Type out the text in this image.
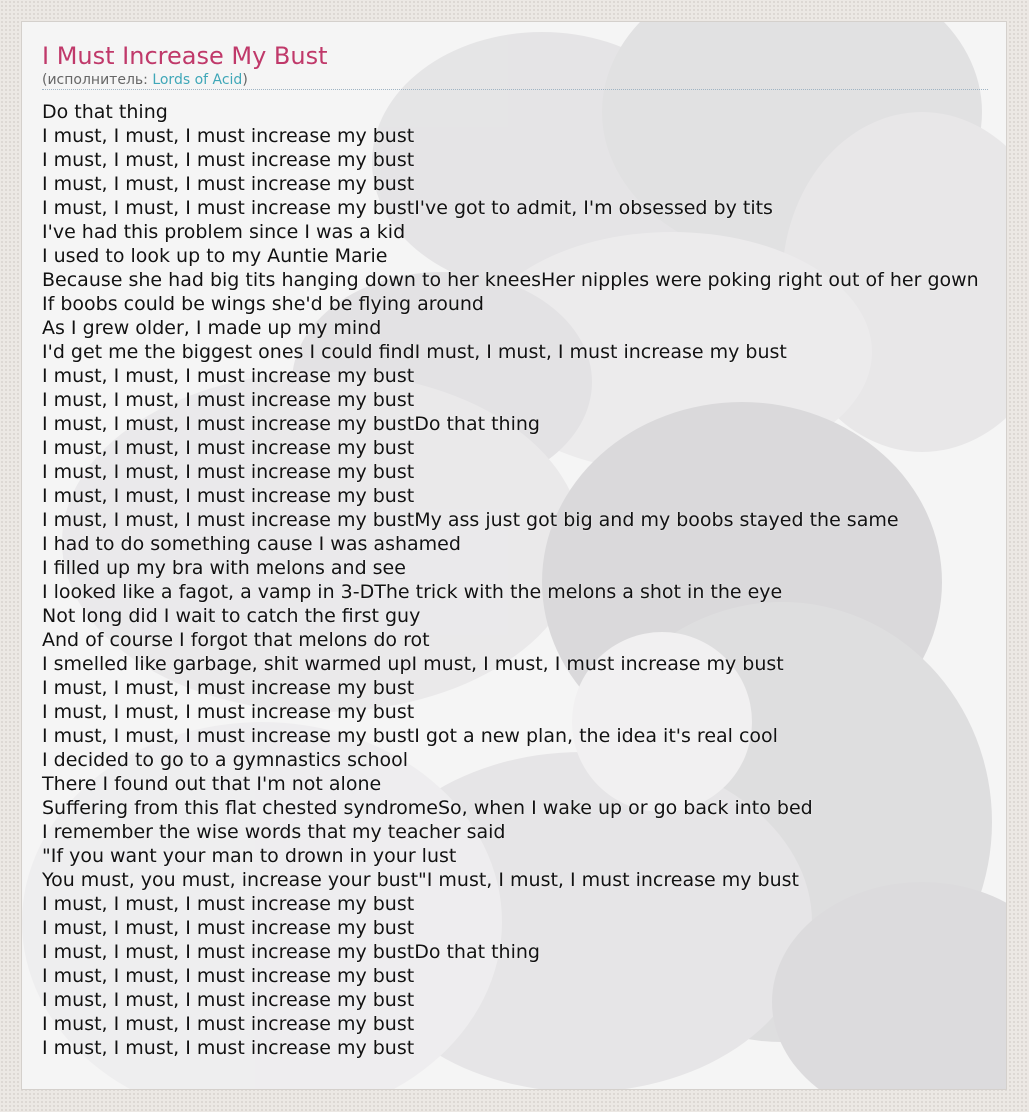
I Must Increase My Bust
(исполнитель: Lords of Acid)
Do that thing
I must, I must, I must increase my bust
I must, I must, I must increase my bust
I must, I must, I must increase my bust
I must, I must, I must increase my bustI've got to admit, I'm obsessed by tits
I've had this problem since I was a kid
I used to look up to my Auntie Marie
Because she had big tits hanging down to her kneesHer nipples were poking right out of her gown
If boobs could be wings she'd be flying around
As I grew older, I made up my mind
I'd get me the biggest ones I could findI must, I must, I must increase my bust
I must, I must, I must increase my bust
I must, I must, I must increase my bust
I must, I must, I must increase my bustDo that thing
I must, I must, I must increase my bust
I must, I must, I must increase my bust
I must, I must, I must increase my bust
I must, I must, I must increase my bustMy ass just got big and my boobs stayed the same
I had to do something cause I was ashamed
I filled up my bra with melons and see
I looked like a fagot, a vamp in 3-DThe trick with the melons a shot in the eye
Not long did I wait to catch the first guy
And of course I forgot that melons do rot
I smelled like garbage, shit warmed upI must, I must, I must increase my bust
I must, I must, I must increase my bust
I must, I must, I must increase my bust
I must, I must, I must increase my bustI got a new plan, the idea it's real cool
I decided to go to a gymnastics school
There I found out that I'm not alone
Suffering from this flat chested syndromeSo, when I wake up or go back into bed
I remember the wise words that my teacher said
"If you want your man to drown in your lust
You must, you must, increase your bust"I must, I must, I must increase my bust
I must, I must, I must increase my bust
I must, I must, I must increase my bust
I must, I must, I must increase my bustDo that thing
I must, I must, I must increase my bust
I must, I must, I must increase my bust
I must, I must, I must increase my bust
I must, I must, I must increase my bust
